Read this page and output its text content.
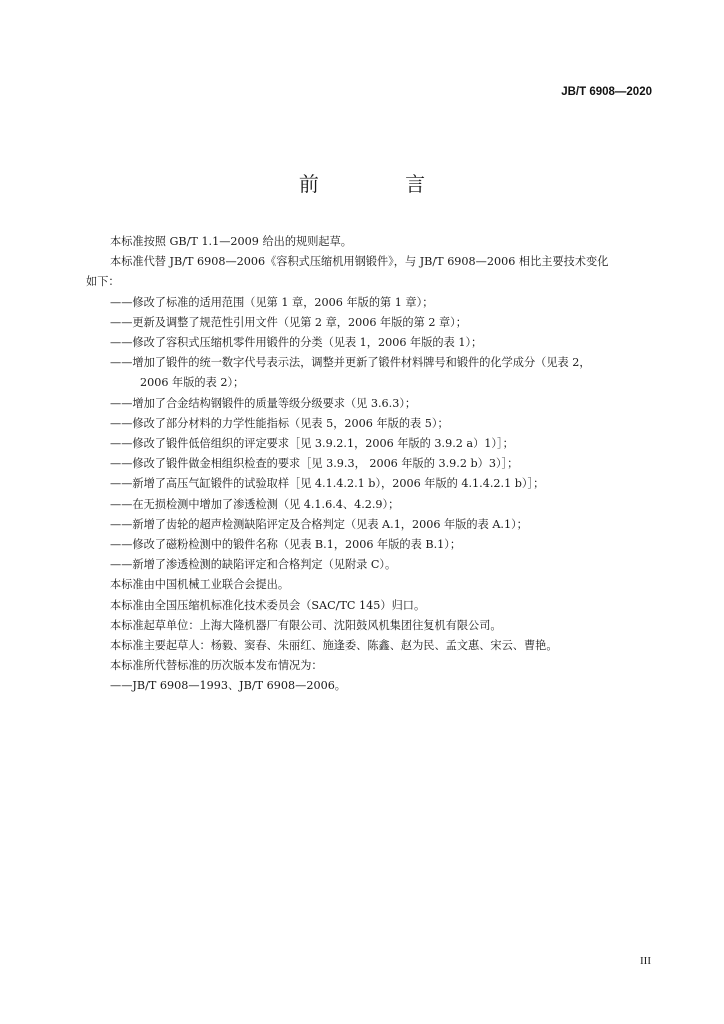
JB/T 6908—2020
前 言

本标准按照 GB/T 1.1—2009 给出的规则起草。

本标准代替 JB/T 6908—2006《容积式压缩机用钢锻件》，与 JB/T 6908—2006 相比主要技术变化

如下：

——修改了标准的适用范围（见第 1 章，2006 年版的第 1 章）；

——更新及调整了规范性引用文件（见第 2 章，2006 年版的第 2 章）；

——修改了容积式压缩机零件用锻件的分类（见表 1，2006 年版的表 1）；

——增加了锻件的统一数字代号表示法，调整并更新了锻件材料牌号和锻件的化学成分（见表 2，

2006 年版的表 2）；

——增加了合金结构钢锻件的质量等级分级要求（见 3.6.3）；

——修改了部分材料的力学性能指标（见表 5，2006 年版的表 5）；

——修改了锻件低倍组织的评定要求［见 3.9.2.1，2006 年版的 3.9.2 a）1）］；

——修改了锻件做金相组织检查的要求［见 3.9.3， 2006 年版的 3.9.2 b）3）］；

——新增了高压气缸锻件的试验取样［见 4.1.4.2.1 b），2006 年版的 4.1.4.2.1 b）］；

——在无损检测中增加了渗透检测（见 4.1.6.4、4.2.9）；

——新增了齿轮的超声检测缺陷评定及合格判定（见表 A.1，2006 年版的表 A.1）；

——修改了磁粉检测中的锻件名称（见表 B.1，2006 年版的表 B.1）；

——新增了渗透检测的缺陷评定和合格判定（见附录 C）。

本标准由中国机械工业联合会提出。

本标准由全国压缩机标准化技术委员会（SAC/TC 145）归口。

本标准起草单位：上海大隆机器厂有限公司、沈阳鼓风机集团往复机有限公司。

本标准主要起草人：杨毅、窦春、朱丽红、施逢委、陈鑫、赵为民、孟文惠、宋云、曹艳。

本标准所代替标准的历次版本发布情况为：

——JB/T 6908—1993、JB/T 6908—2006。

III
